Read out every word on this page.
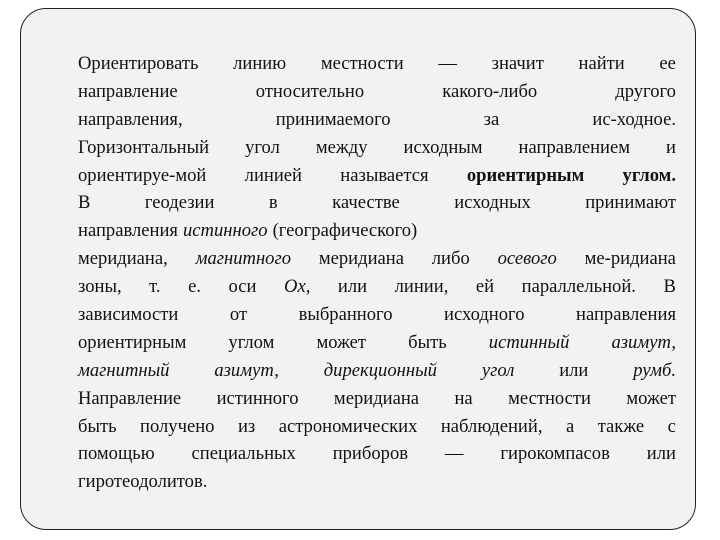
Ориентировать линию местности — значит найти ее
направление	относительно	какого-либо	другого
направления,	принимаемого	за	ис-ходное.
Горизонтальный угол между исходным направлением и
ориентируе-мой линией называется ориентирным углом.
В	геодезии	в	качестве	исходных	принимают
направления истинного (географического)
меридиана, магнитного меридиана либо осевого ме-ридиана
зоны, т. е. оси Ох, или линии, ей параллельной. В
зависимости	от	выбранного	исходного	направления
ориентирным углом может быть истинный азимут,
магнитный азимут, дирекционный угол или румб.
Направление истинного меридиана на местности может
быть получено из астрономических наблюдений, а также с
помощью специальных приборов — гирокомпасов или
гиротеодолитов.
